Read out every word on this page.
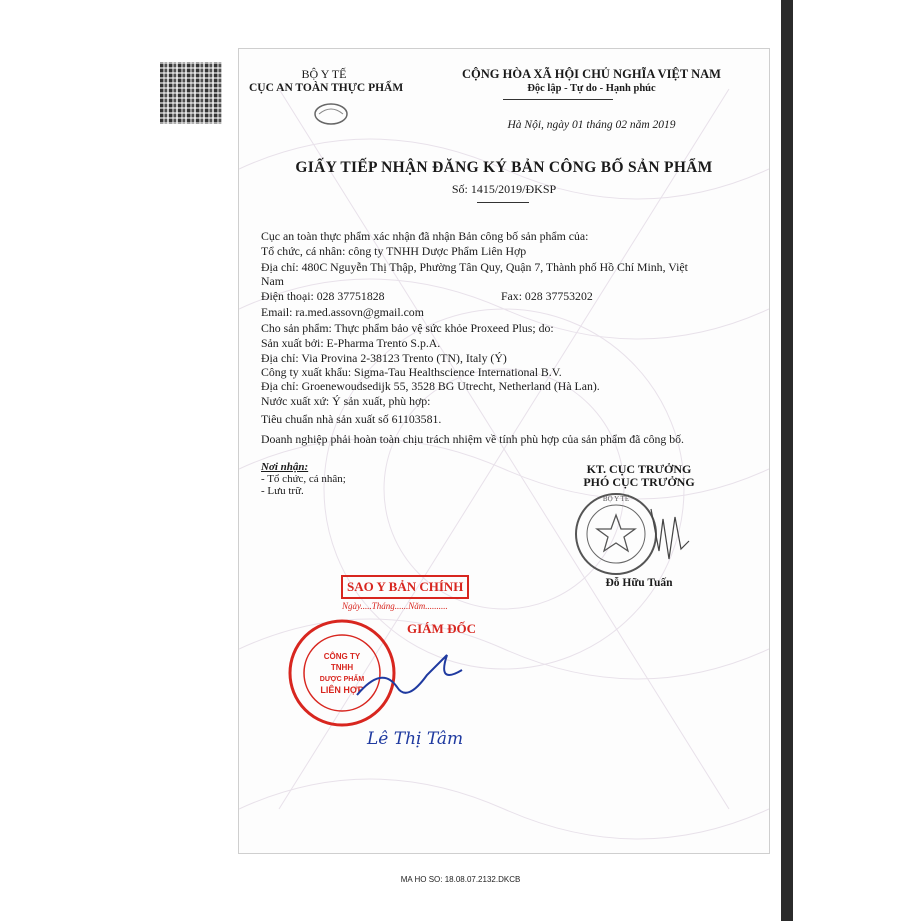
BỘ Y TẾ
CỤC AN TOÀN THỰC PHẨM
CỘNG HÒA XÃ HỘI CHỦ NGHĨA VIỆT NAM
Độc lập - Tự do - Hạnh phúc
Hà Nội, ngày 01 tháng 02 năm 2019
GIẤY TIẾP NHẬN ĐĂNG KÝ BẢN CÔNG BỐ SẢN PHẨM
Số: 1415/2019/ĐKSP
Cục an toàn thực phẩm xác nhận đã nhận Bản công bố sản phẩm của:
Tổ chức, cá nhân: công ty TNHH Dược Phẩm Liên Hợp
Địa chỉ: 480C Nguyễn Thị Thập, Phường Tân Quy, Quận 7, Thành phố Hồ Chí Minh, Việt
Nam
Điện thoại: 028 37751828	Fax: 028 37753202
Email: ra.med.assovn@gmail.com
Cho sản phẩm: Thực phẩm bảo vệ sức khỏe Proxeed Plus; do:
Sản xuất bởi: E-Pharma Trento S.p.A.
Địa chỉ: Via Provina 2-38123 Trento (TN), Italy (Ý)
Công ty xuất khẩu: Sigma-Tau Healthscience International B.V.
Địa chỉ: Groenewoudsedijk 55, 3528 BG Utrecht, Netherland (Hà Lan).
Nước xuất xứ: Ý sản xuất, phù hợp:
Tiêu chuẩn nhà sản xuất số 61103581.
Doanh nghiệp phải hoàn toàn chịu trách nhiệm về tính phù hợp của sản phẩm đã công bố.
Nơi nhận:
- Tổ chức, cá nhân;
- Lưu trữ.
KT. CỤC TRƯỞNG
PHÓ CỤC TRƯỞNG
BỘ Y TẾ
Đỗ Hữu Tuấn
SAO Y BẢN CHÍNH
Ngày.....Tháng......Năm..........
GIÁM ĐỐC
CÔNG TY
TNHH
DƯỢC PHẨM
LIÊN HỢP
Lê Thị Tâm
MA HO SO: 18.08.07.2132.DKCB
